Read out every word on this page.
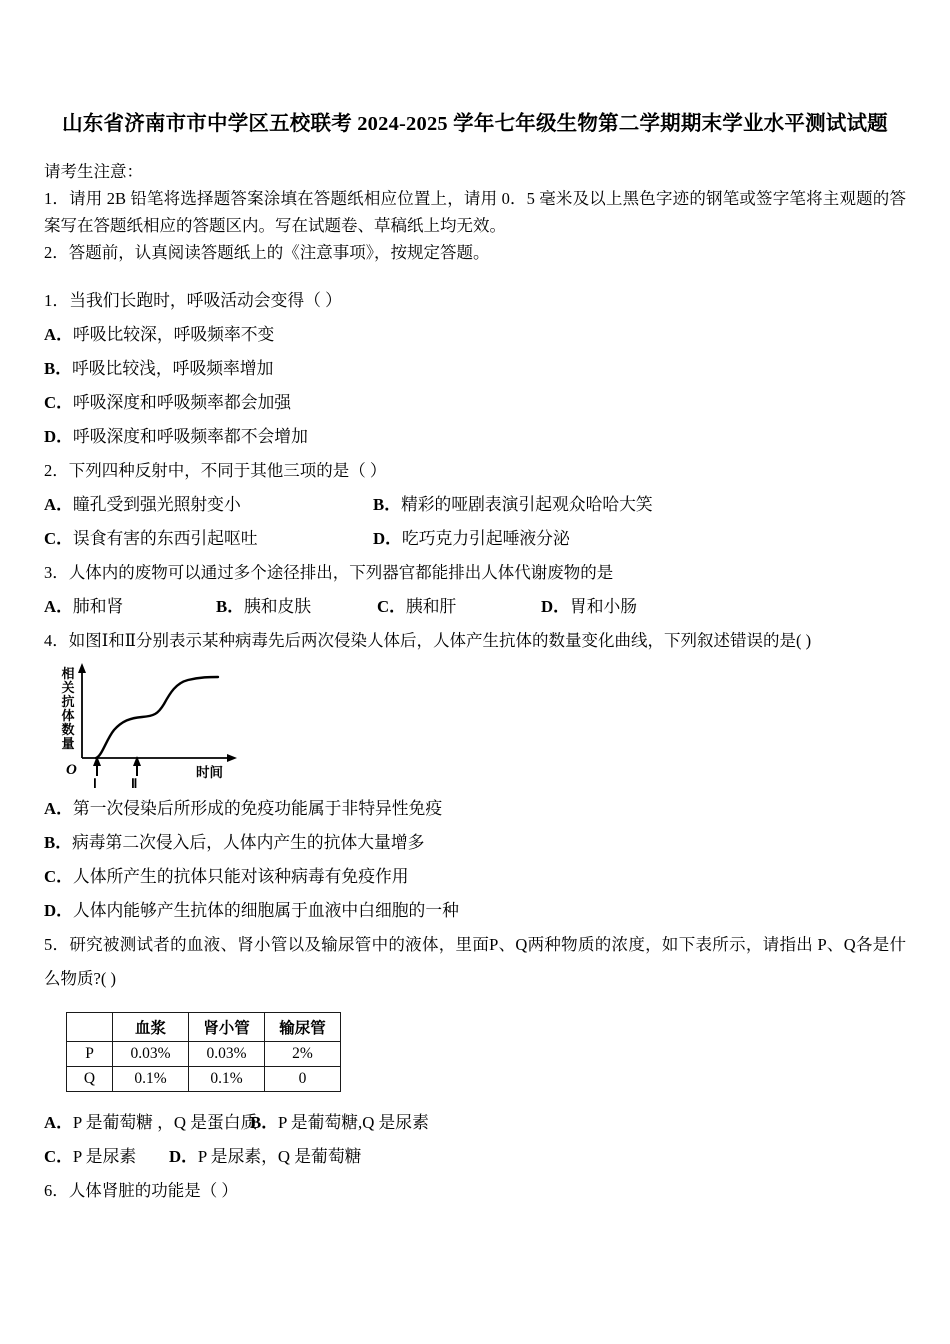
山东省济南市市中学区五校联考 2024-2025 学年七年级生物第二学期期末学业水平测试试题
请考生注意：
1．请用 2B 铅笔将选择题答案涂填在答题纸相应位置上，请用 0．5 毫米及以上黑色字迹的钢笔或签字笔将主观题的答案写在答题纸相应的答题区内。写在试题卷、草稿纸上均无效。
2．答题前，认真阅读答题纸上的《注意事项》，按规定答题。

1．当我们长跑时，呼吸活动会变得（ ）

A．呼吸比较深，呼吸频率不变

B．呼吸比较浅，呼吸频率增加

C．呼吸深度和呼吸频率都会加强

D．呼吸深度和呼吸频率都不会增加

2．下列四种反射中，不同于其他三项的是（ ）

A．瞳孔受到强光照射变小	B．精彩的哑剧表演引起观众哈哈大笑
C．误食有害的东西引起呕吐	D．吃巧克力引起唾液分泌

3．人体内的废物可以通过多个途径排出，下列器官都能排出人体代谢废物的是

A．肺和肾	B．胰和皮肤	C．胰和肝	D．胃和小肠

4．如图Ⅰ和Ⅱ分别表示某种病毒先后两次侵染人体后，人体产生抗体的数量变化曲线，下列叙述错误的是( )

O
Ⅰ	Ⅱ
时间
相
关
抗
体
数
量

A．第一次侵染后所形成的免疫功能属于非特异性免疫

B．病毒第二次侵入后，人体内产生的抗体大量增多

C．人体所产生的抗体只能对该种病毒有免疫作用

D．人体内能够产生抗体的细胞属于血液中白细胞的一种

5．研究被测试者的血液、肾小管以及输尿管中的液体，里面P、Q两种物质的浓度，如下表所示，请指出 P、Q各是什么物质?( )

	血浆	肾小管	输尿管
P	0.03%	0.03%	2%
Q	0.1%	0.1%	0
A．P 是葡萄糖 ，Q 是蛋白质
B．P 是葡萄糖,Q 是尿素
C．P 是尿素 D．P 是尿素，Q 是葡萄糖

6．人体肾脏的功能是（ ）
